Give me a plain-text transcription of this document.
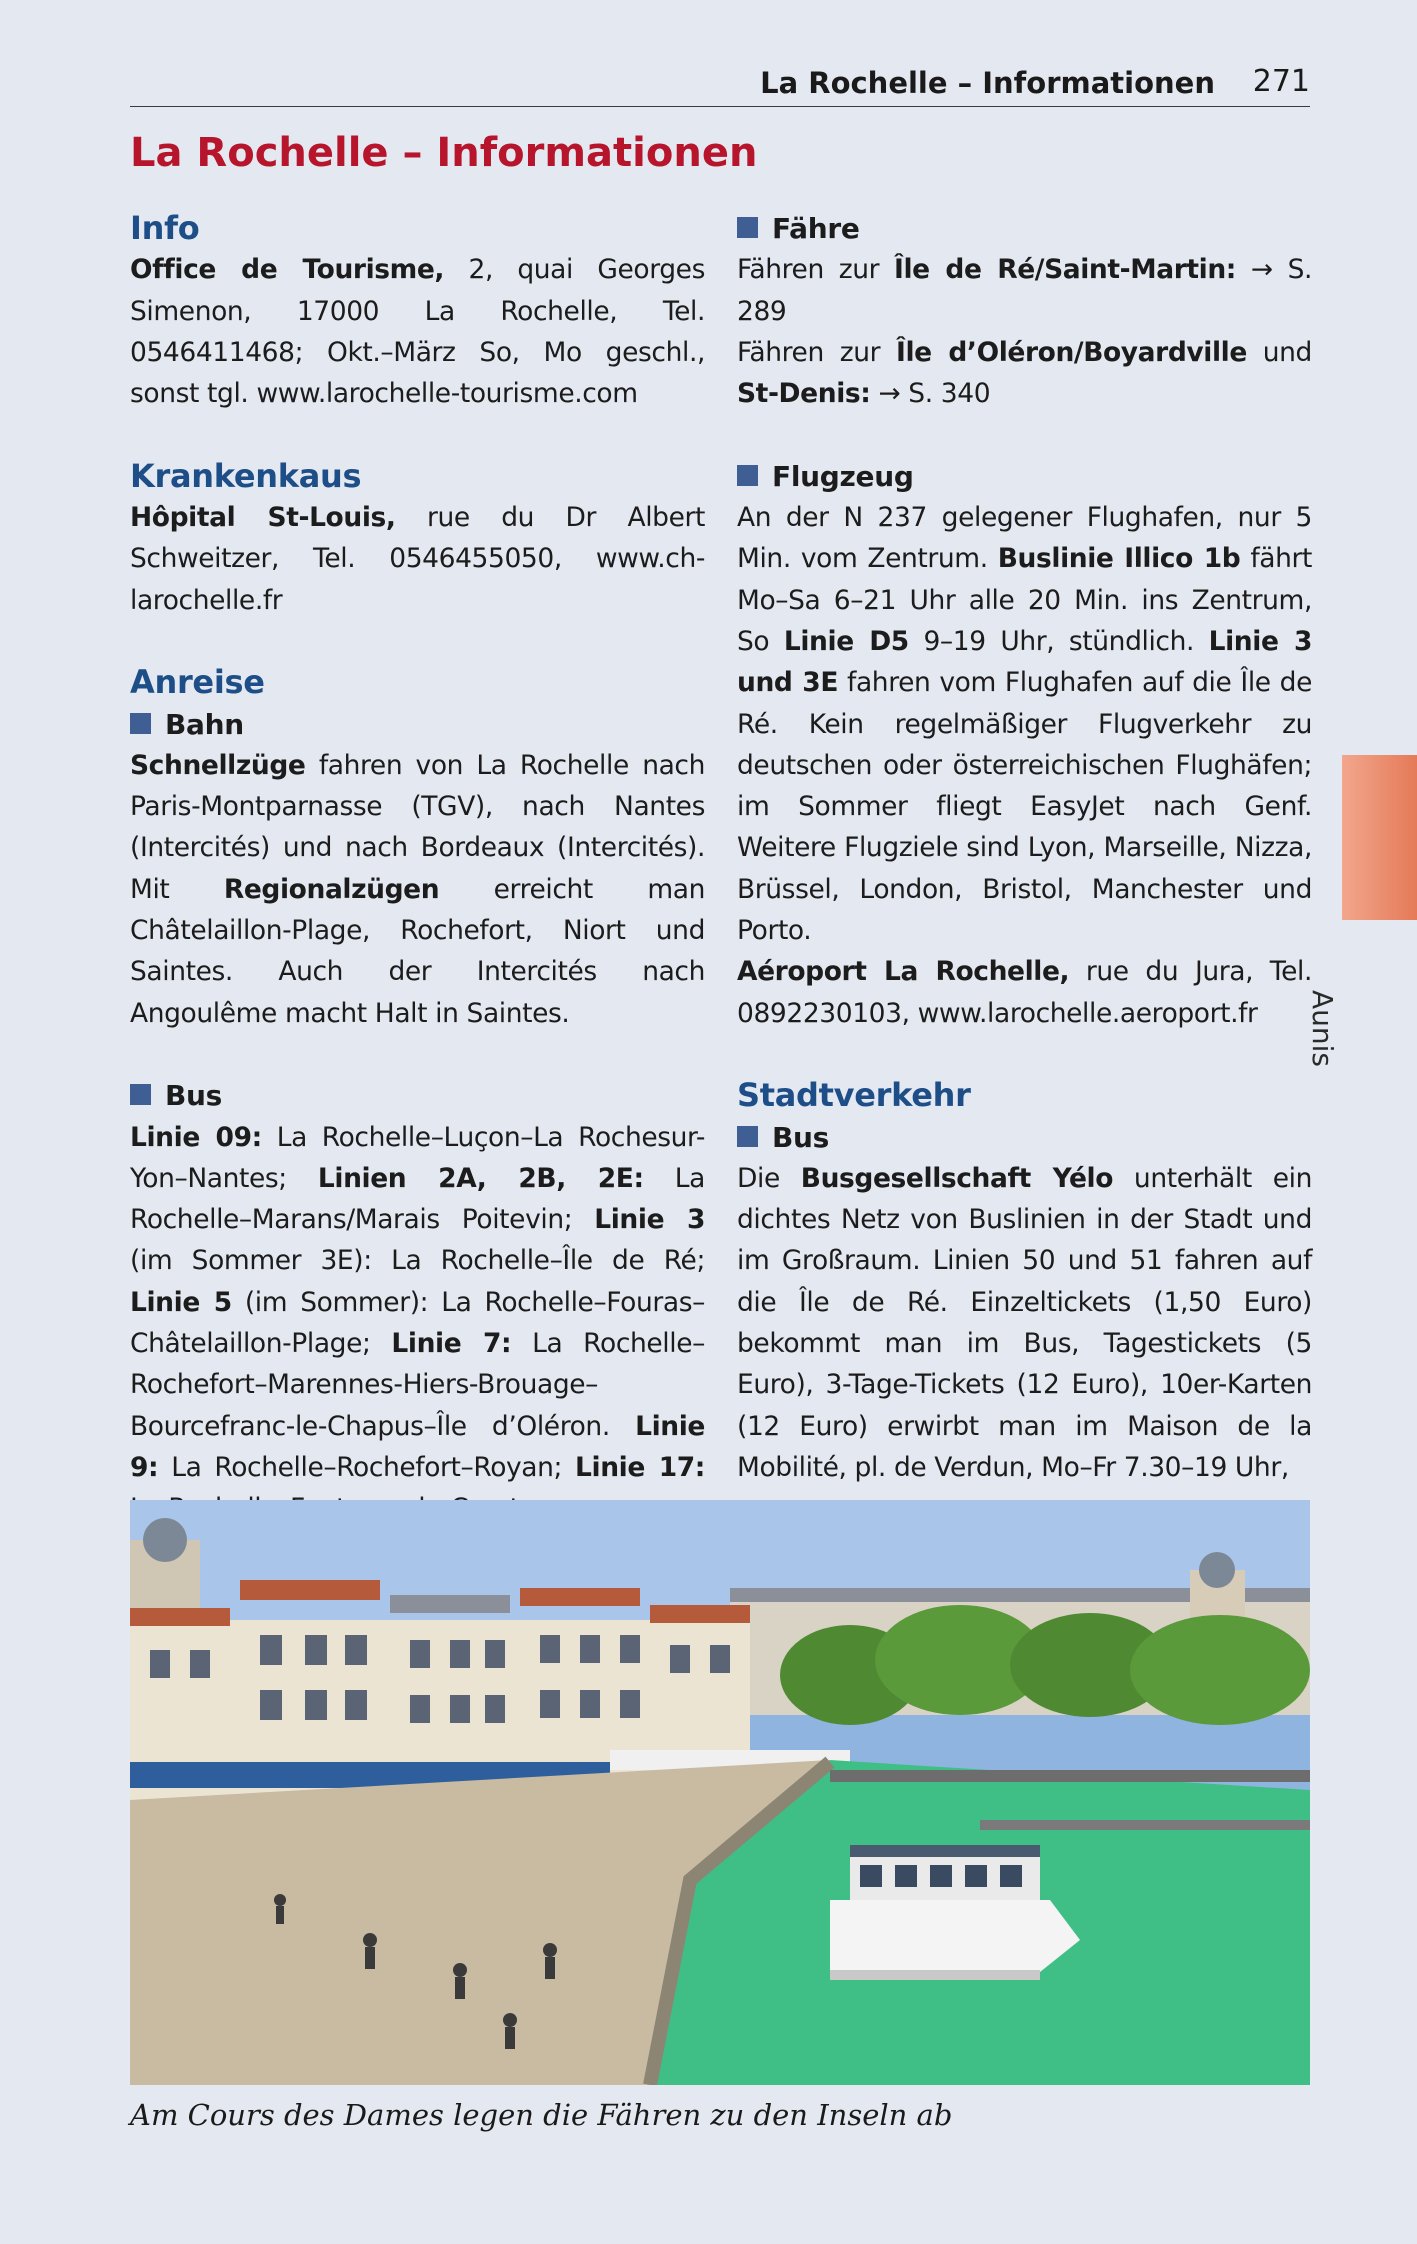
La Rochelle – Informationen 271
La Rochelle – Informationen
Info

Office de Tourisme, 2, quai Georges Simenon, 17000 La Rochelle, Tel. 0546411468; Okt.–März So, Mo geschl., sonst tgl. www.larochelle-tourisme.com

Krankenkaus

Hôpital St-Louis, rue du Dr Albert Schweitzer, Tel. 0546455050, www.ch-larochelle.fr

Anreise
Bahn

Schnellzüge fahren von La Rochelle nach Paris-Montparnasse (TGV), nach Nantes (Intercités) und nach Bordeaux (Intercités). Mit Regionalzügen erreicht man Châtelaillon-Plage, Rochefort, Niort und Saintes. Auch der Intercités nach Angoulême macht Halt in Saintes.

Bus

Linie 09: La Rochelle–Luçon–La Rochesur-Yon–Nantes; Linien 2A, 2B, 2E: La Rochelle–Marans/Marais Poitevin; Linie 3 (im Sommer 3E): La Rochelle–Île de Ré; Linie 5 (im Sommer): La Rochelle–Fouras–Châtelaillon-Plage; Linie 7: La Rochelle–Rochefort–Marennes-Hiers-Brouage–Bourcefranc-le-Chapus–Île d’Oléron. Linie 9: La Rochelle–Rochefort–Royan; Linie 17:

Fähre

Fähren zur Île de Ré/Saint-Martin: → S. 289

Fähren zur Île d’Oléron/Boyardville und St-Denis: → S. 340

Flugzeug

An der N 237 gelegener Flughafen, nur 5 Min. vom Zentrum. Buslinie Illico 1b fährt Mo–Sa 6–21 Uhr alle 20 Min. ins Zentrum, So Linie D5 9–19 Uhr, stündlich. Linie 3 und 3E fahren vom Flughafen auf die Île de Ré. Kein regelmäßiger Flugverkehr zu deutschen oder österreichischen Flughäfen; im Sommer fliegt EasyJet nach Genf. Weitere Flugziele sind Lyon, Marseille, Nizza, Brüssel, London, Bristol, Manchester und Porto.

Aéroport La Rochelle, rue du Jura, Tel. 0892230103, www.larochelle.aeroport.fr

Stadtverkehr
Bus

Die Busgesellschaft Yélo unterhält ein dichtes Netz von Buslinien in der Stadt und im Großraum. Linien 50 und 51 fahren auf die Île de Ré. Einzeltickets (1,50 Euro) bekommt man im Bus, Tagestickets (5 Euro), 3-Tage-Tickets (12 Euro), 10er-Karten (12 Euro) erwirbt man im Maison de la Mobilité, pl. de Verdun, Mo–Fr 7.30–19 Uhr,

Aunis
Am Cours des Dames legen die Fähren zu den Inseln ab
